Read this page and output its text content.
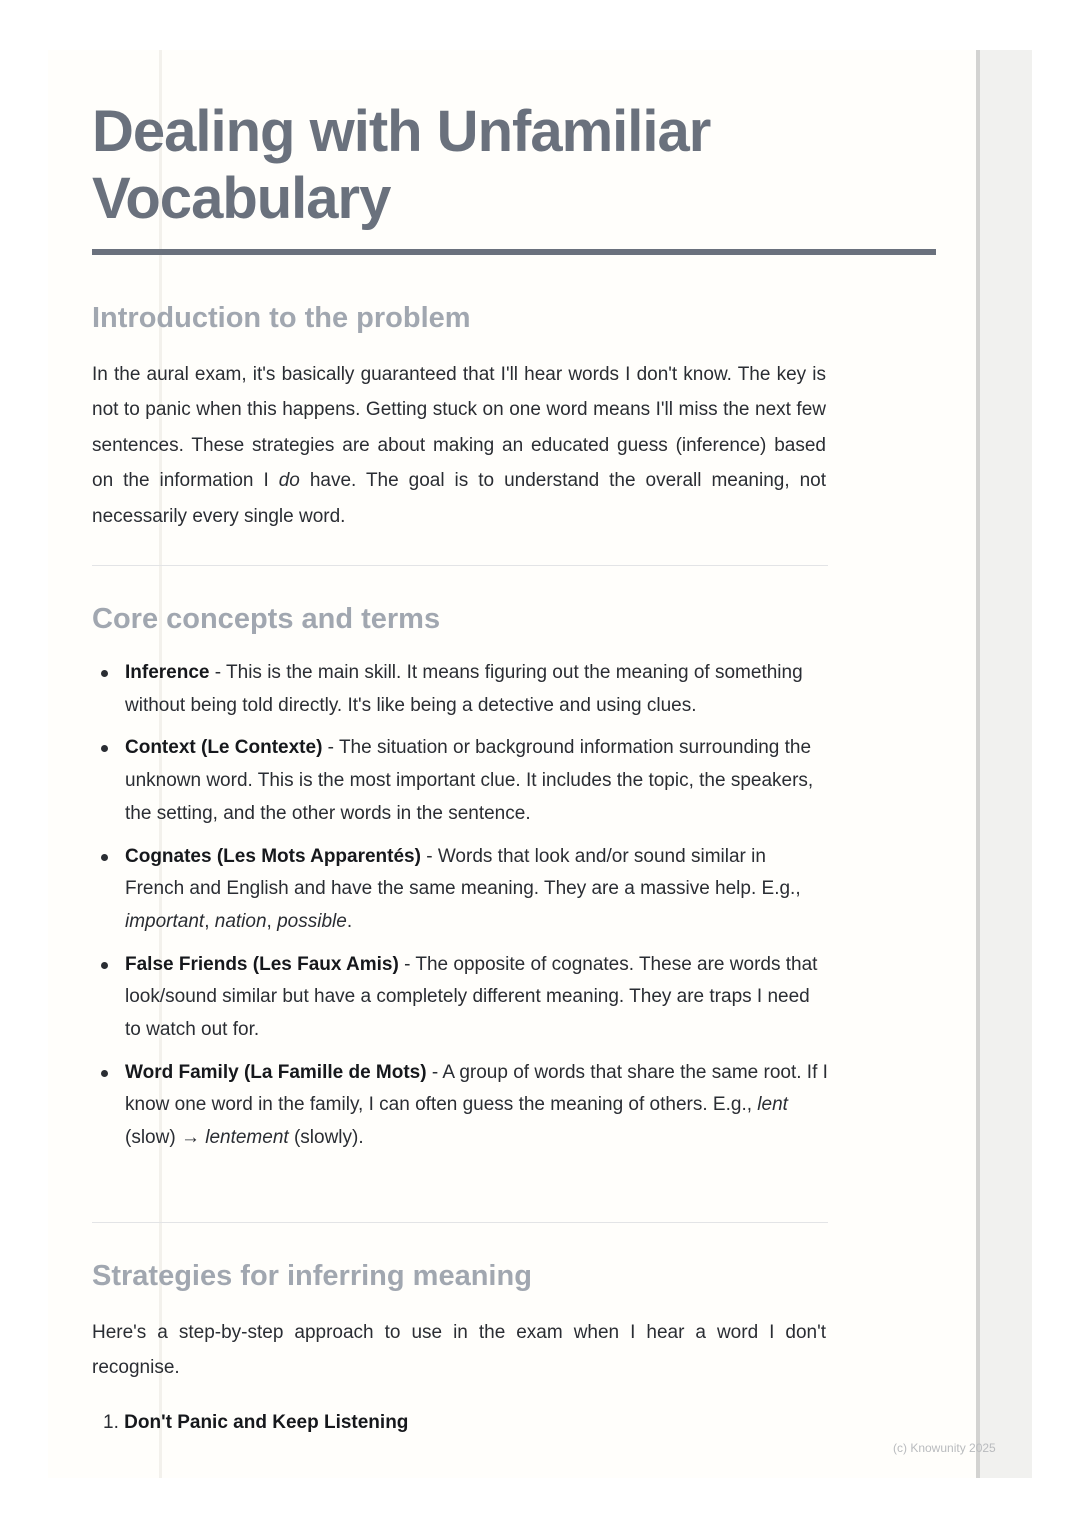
Dealing with Unfamiliar Vocabulary
Introduction to the problem

In the aural exam, it's basically guaranteed that I'll hear words I don't know. The key is not to panic when this happens. Getting stuck on one word means I'll miss the next few sentences. These strategies are about making an educated guess (inference) based on the information I do have. The goal is to understand the overall meaning, not necessarily every single word.

Core concepts and terms
Inference - This is the main skill. It means figuring out the meaning of something without being told directly. It's like being a detective and using clues.
Context (Le Contexte) - The situation or background information surrounding the unknown word. This is the most important clue. It includes the topic, the speakers, the setting, and the other words in the sentence.
Cognates (Les Mots Apparentés) - Words that look and/or sound similar in French and English and have the same meaning. They are a massive help. E.g., important, nation, possible.
False Friends (Les Faux Amis) - The opposite of cognates. These are words that look/sound similar but have a completely different meaning. They are traps I need to watch out for.
Word Family (La Famille de Mots) - A group of words that share the same root. If I know one word in the family, I can often guess the meaning of others. E.g., lent (slow) → lentement (slowly).
Strategies for inferring meaning

Here's a step-by-step approach to use in the exam when I hear a word I don't recognise.

1. Don't Panic and Keep Listening
(c) Knowunity 2025
